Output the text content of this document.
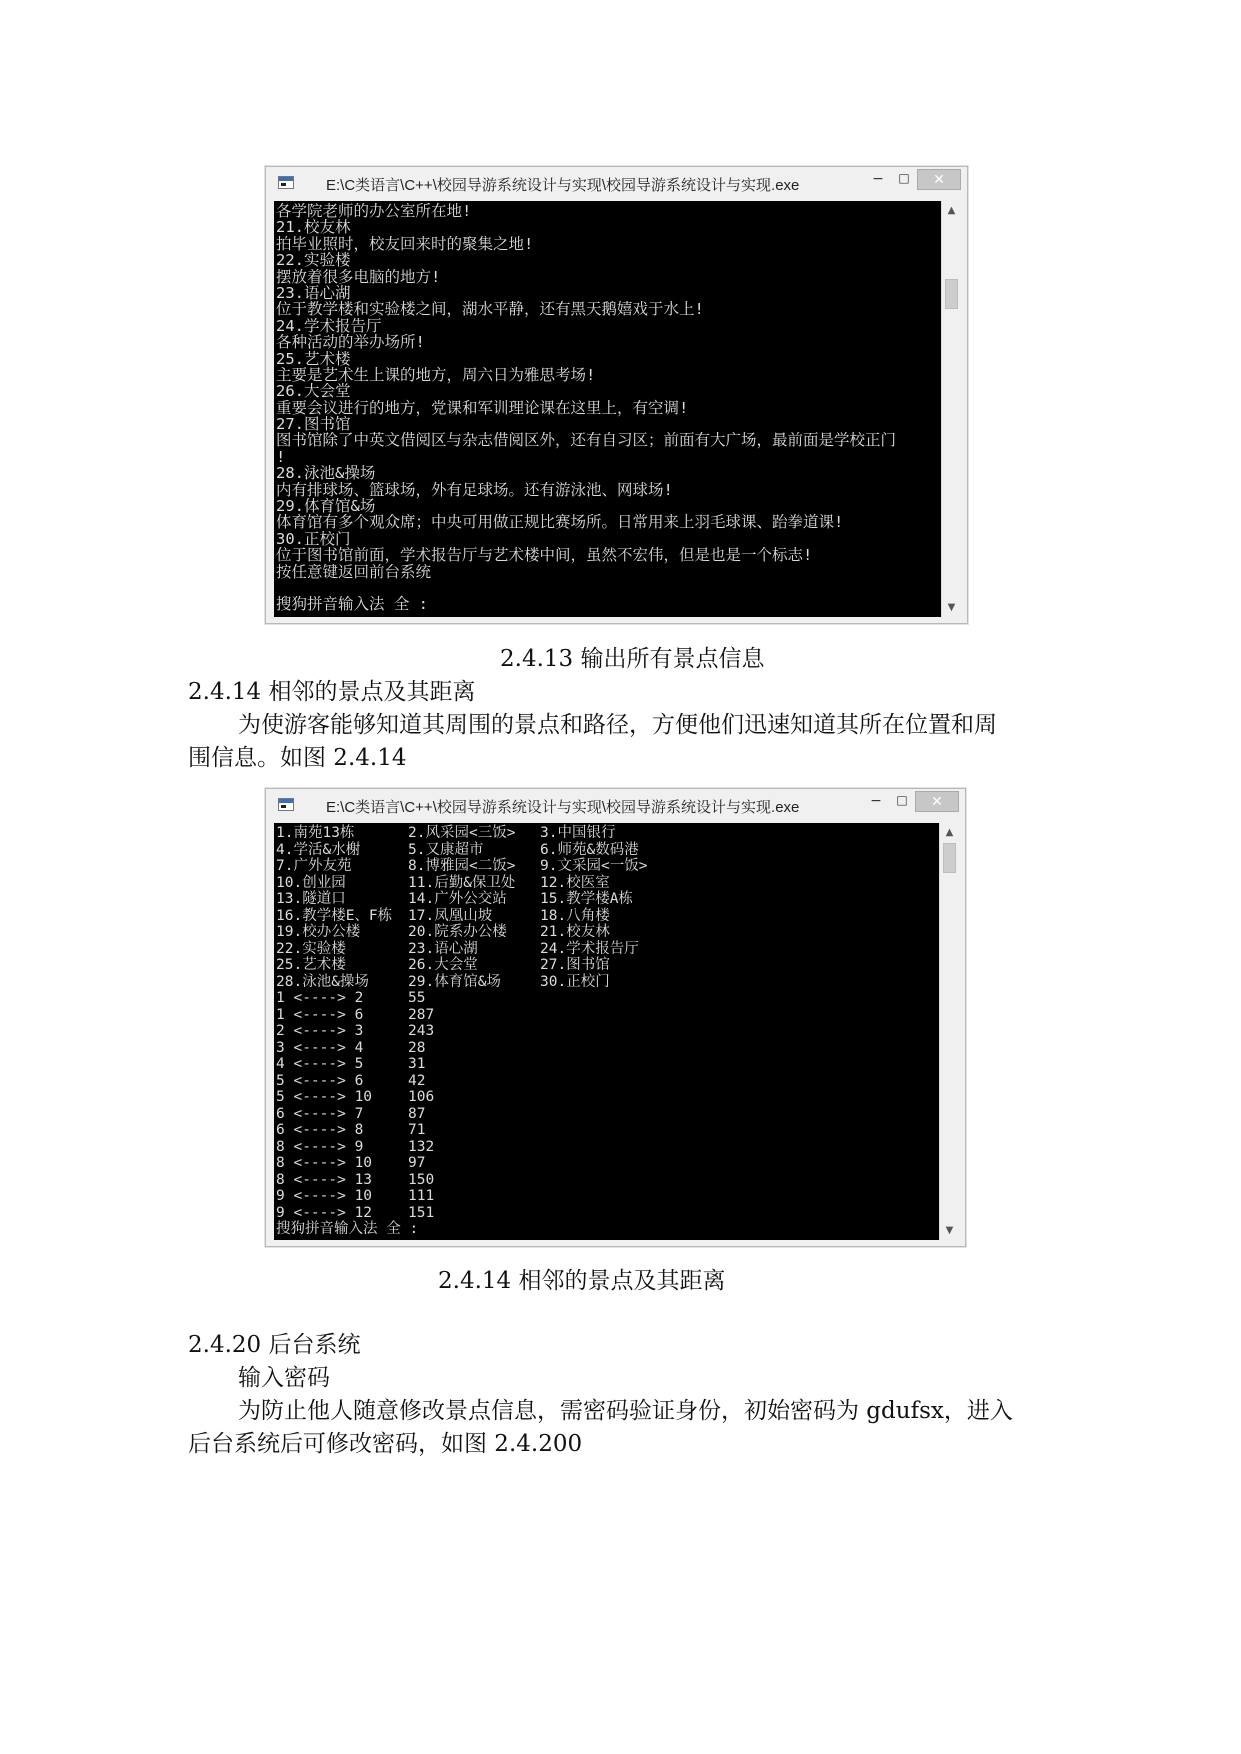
E:\C类语言\C++\校园导游系统设计与实现\校园导游系统设计与实现.exe	−	□	✕
各学院老师的办公室所在地!
21.校友林
拍毕业照时，校友回来时的聚集之地!
22.实验楼
摆放着很多电脑的地方!
23.语心湖
位于教学楼和实验楼之间，湖水平静，还有黑天鹅嬉戏于水上!
24.学术报告厅
各种活动的举办场所!
25.艺术楼
主要是艺术生上课的地方，周六日为雅思考场!
26.大会堂
重要会议进行的地方，党课和军训理论课在这里上，有空调!
27.图书馆
图书馆除了中英文借阅区与杂志借阅区外，还有自习区；前面有大广场，最前面是学校正门
!
28.泳池&操场
内有排球场、篮球场，外有足球场。还有游泳池、网球场!
29.体育馆&场
体育馆有多个观众席；中央可用做正规比赛场所。日常用来上羽毛球课、跆拳道课!
30.正校门
位于图书馆前面，学术报告厅与艺术楼中间，虽然不宏伟，但是也是一个标志!
按任意键返回前台系统
搜狗拼音输入法 全 :
▲
▼
2.4.13 输出所有景点信息
2.4.14 相邻的景点及其距离
为使游客能够知道其周围的景点和路径，方便他们迅速知道其所在位置和周
围信息。如图 2.4.14
E:\C类语言\C++\校园导游系统设计与实现\校园导游系统设计与实现.exe	−	□	✕
1.南苑13栋	2.风采园<三饭> 3.中国银行
4.学活&水榭	5.又康超市	6.师苑&数码港
7.广外友苑	8.博雅园<二饭> 9.文采园<一饭>
10.创业园	11.后勤&保卫处 12.校医室
13.隧道口	14.广外公交站 15.教学楼A栋
16.教学楼E、F栋 17.凤凰山坡	18.八角楼
19.校办公楼	20.院系办公楼 21.校友林
22.实验楼	23.语心湖	24.学术报告厅
25.艺术楼	26.大会堂	27.图书馆
28.泳池&操场	29.体育馆&场	30.正校门
1 <----> 2	55
1 <----> 6	287
2 <----> 3	243
3 <----> 4	28
4 <----> 5	31
5 <----> 6	42
5 <----> 10 106
6 <----> 7	87
6 <----> 8	71
8 <----> 9	132
8 <----> 10 97
8 <----> 13 150
9 <----> 10 111
9 <----> 12 151
搜狗拼音输入法 全 :
▲
▼
2.4.14 相邻的景点及其距离
2.4.20 后台系统
输入密码
为防止他人随意修改景点信息，需密码验证身份，初始密码为 gdufsx，进入
后台系统后可修改密码，如图 2.4.200
